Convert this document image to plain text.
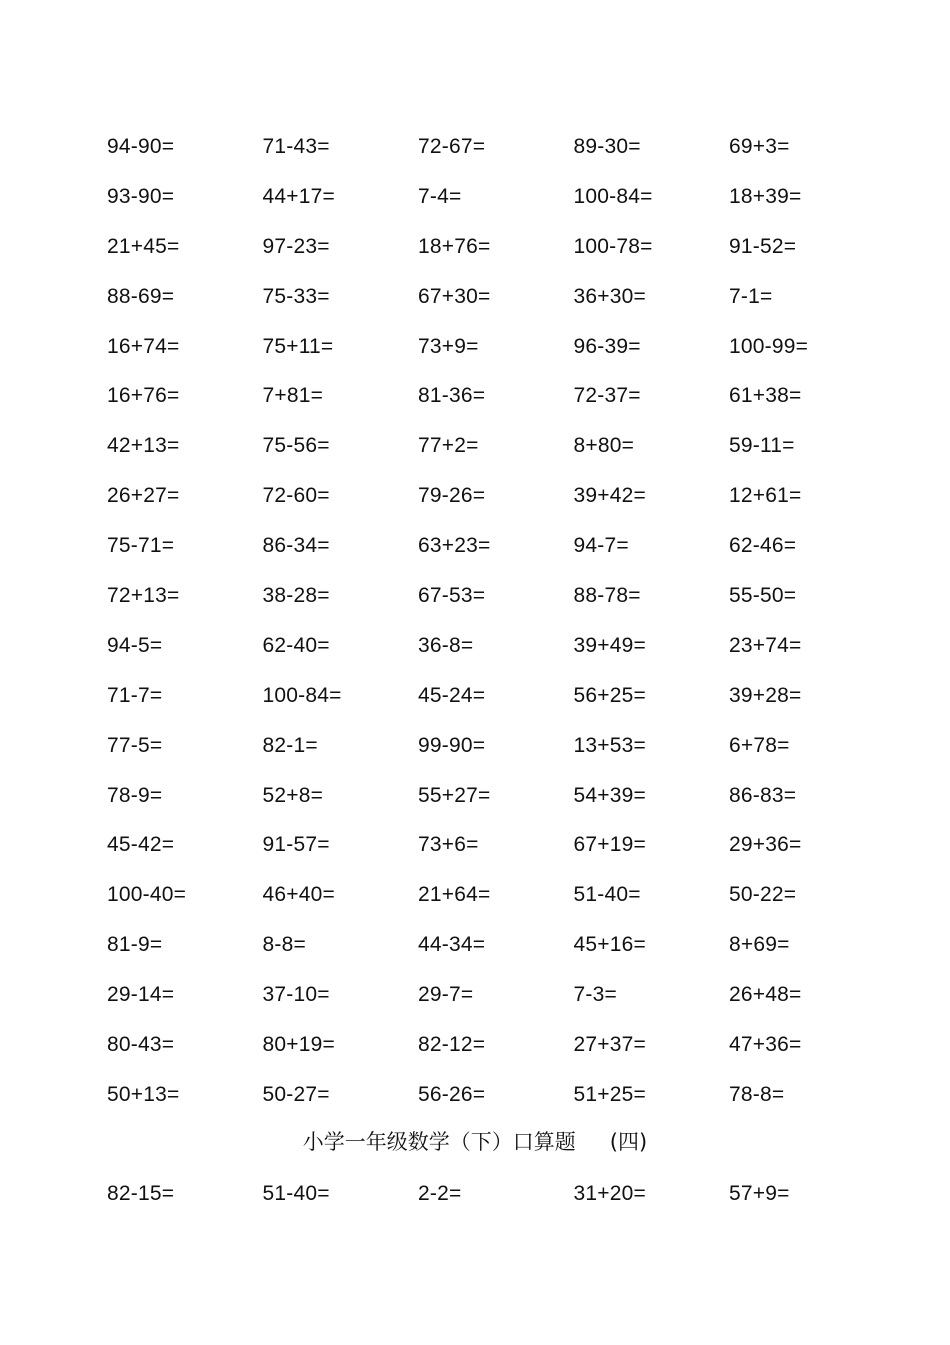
94-90=	71-43=	72-67=	89-30=	69+3=
93-90=	44+17=	7-4=	100-84=	18+39=
21+45=	97-23=	18+76=	100-78=	91-52=
88-69=	75-33=	67+30=	36+30=	7-1=
16+74=	75+11=	73+9=	96-39=	100-99=
16+76=	7+81=	81-36=	72-37=	61+38=
42+13=	75-56=	77+2=	8+80=	59-11=
26+27=	72-60=	79-26=	39+42=	12+61=
75-71=	86-34=	63+23=	94-7=	62-46=
72+13=	38-28=	67-53=	88-78=	55-50=
94-5=	62-40=	36-8=	39+49=	23+74=
71-7=	100-84=	45-24=	56+25=	39+28=
77-5=	82-1=	99-90=	13+53=	6+78=
78-9=	52+8=	55+27=	54+39=	86-83=
45-42=	91-57=	73+6=	67+19=	29+36=
100-40=	46+40=	21+64=	51-40=	50-22=
81-9=	8-8=	44-34=	45+16=	8+69=
29-14=	37-10=	29-7=	7-3=	26+48=
80-43=	80+19=	82-12=	27+37=	47+36=
50+13=	50-27=	56-26=	51+25=	78-8=
小学一年级数学（下）口算题 (四)
82-15=	51-40=	2-2=	31+20=	57+9=
